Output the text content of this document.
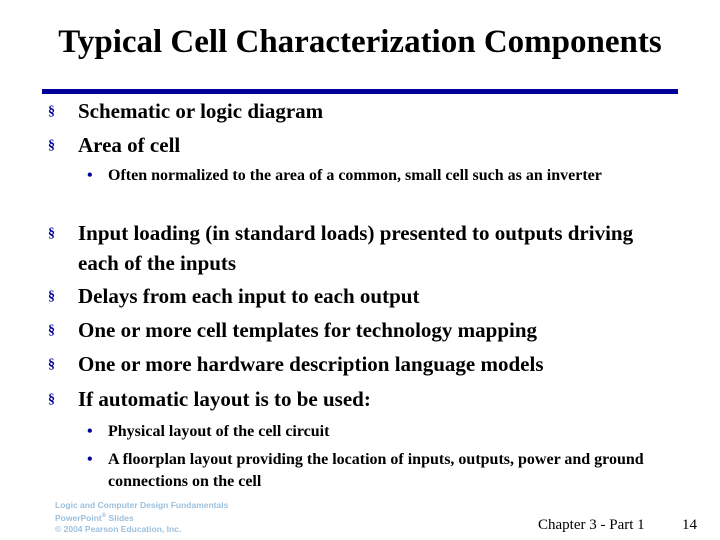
Typical Cell Characterization Components
§ Schematic or logic diagram
§ Area of cell
• Often normalized to the area of a common, small cell such as an inverter
§ Input loading (in standard loads) presented to outputs driving each of the inputs
§ Delays from each input to each output
§ One or more cell templates for technology mapping
§ One or more hardware description language models
§ If automatic layout is to be used:
• Physical layout of the cell circuit
• A floorplan layout providing the location of inputs, outputs, power and ground connections on the cell
Logic and Computer Design Fundamentals
PowerPoint® Slides
© 2004 Pearson Education, Inc.	Chapter 3 - Part 1 14
